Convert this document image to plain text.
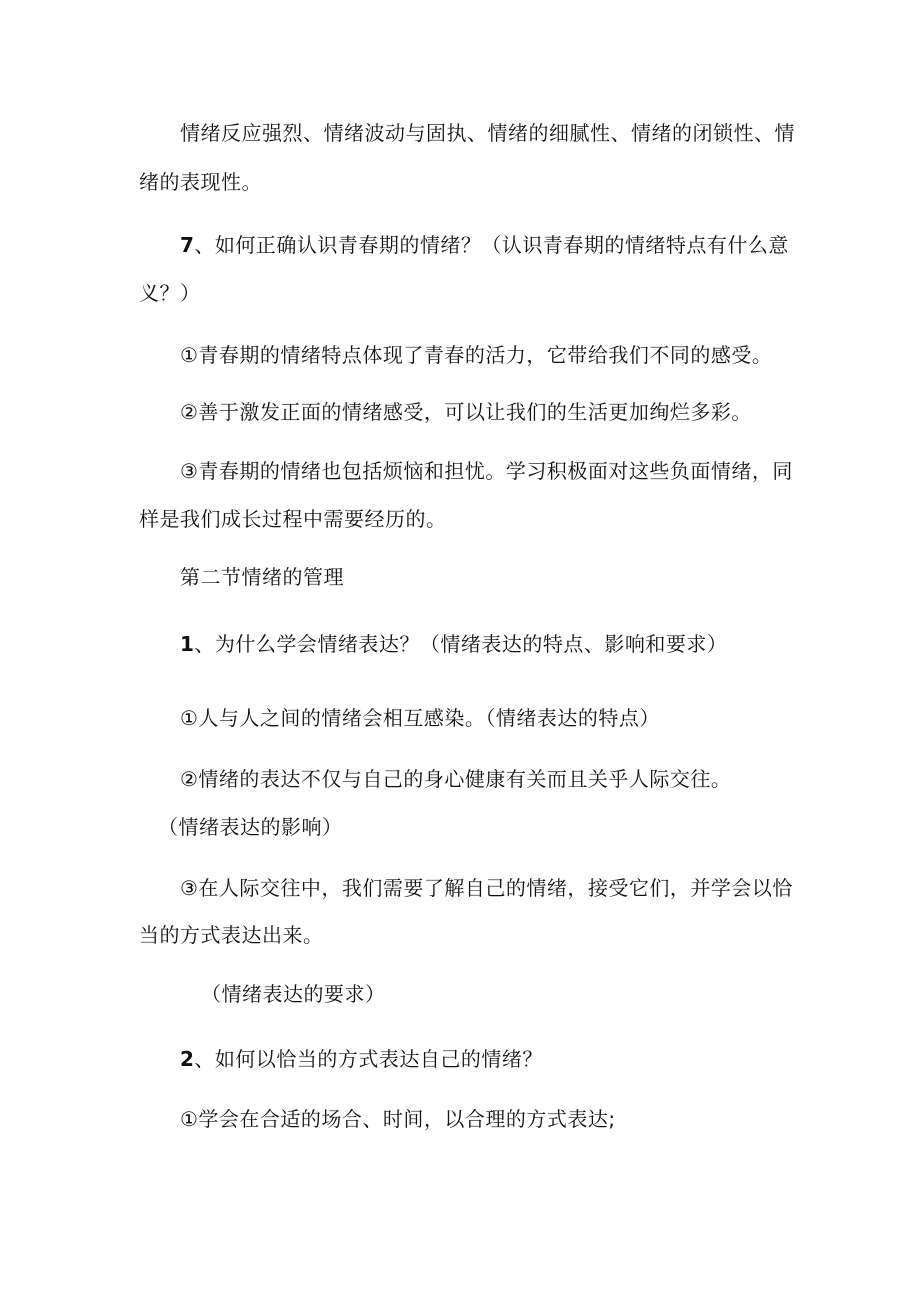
情绪反应强烈、情绪波动与固执、情绪的细腻性、情绪的闭锁性、情
绪的表现性。
7、如何正确认识青春期的情绪？（认识青春期的情绪特点有什么意
义？）
①青春期的情绪特点体现了青春的活力，它带给我们不同的感受。
②善于激发正面的情绪感受，可以让我们的生活更加绚烂多彩。
③青春期的情绪也包括烦恼和担忧。学习积极面对这些负面情绪，同
样是我们成长过程中需要经历的。
第二节情绪的管理
1、为什么学会情绪表达？（情绪表达的特点、影响和要求）
①人与人之间的情绪会相互感染。（情绪表达的特点）
②情绪的表达不仅与自己的身心健康有关而且关乎人际交往。
（情绪表达的影响）
③在人际交往中，我们需要了解自己的情绪，接受它们，并学会以恰
当的方式表达出来。
（情绪表达的要求）
2、如何以恰当的方式表达自己的情绪？
①学会在合适的场合、时间，以合理的方式表达;
